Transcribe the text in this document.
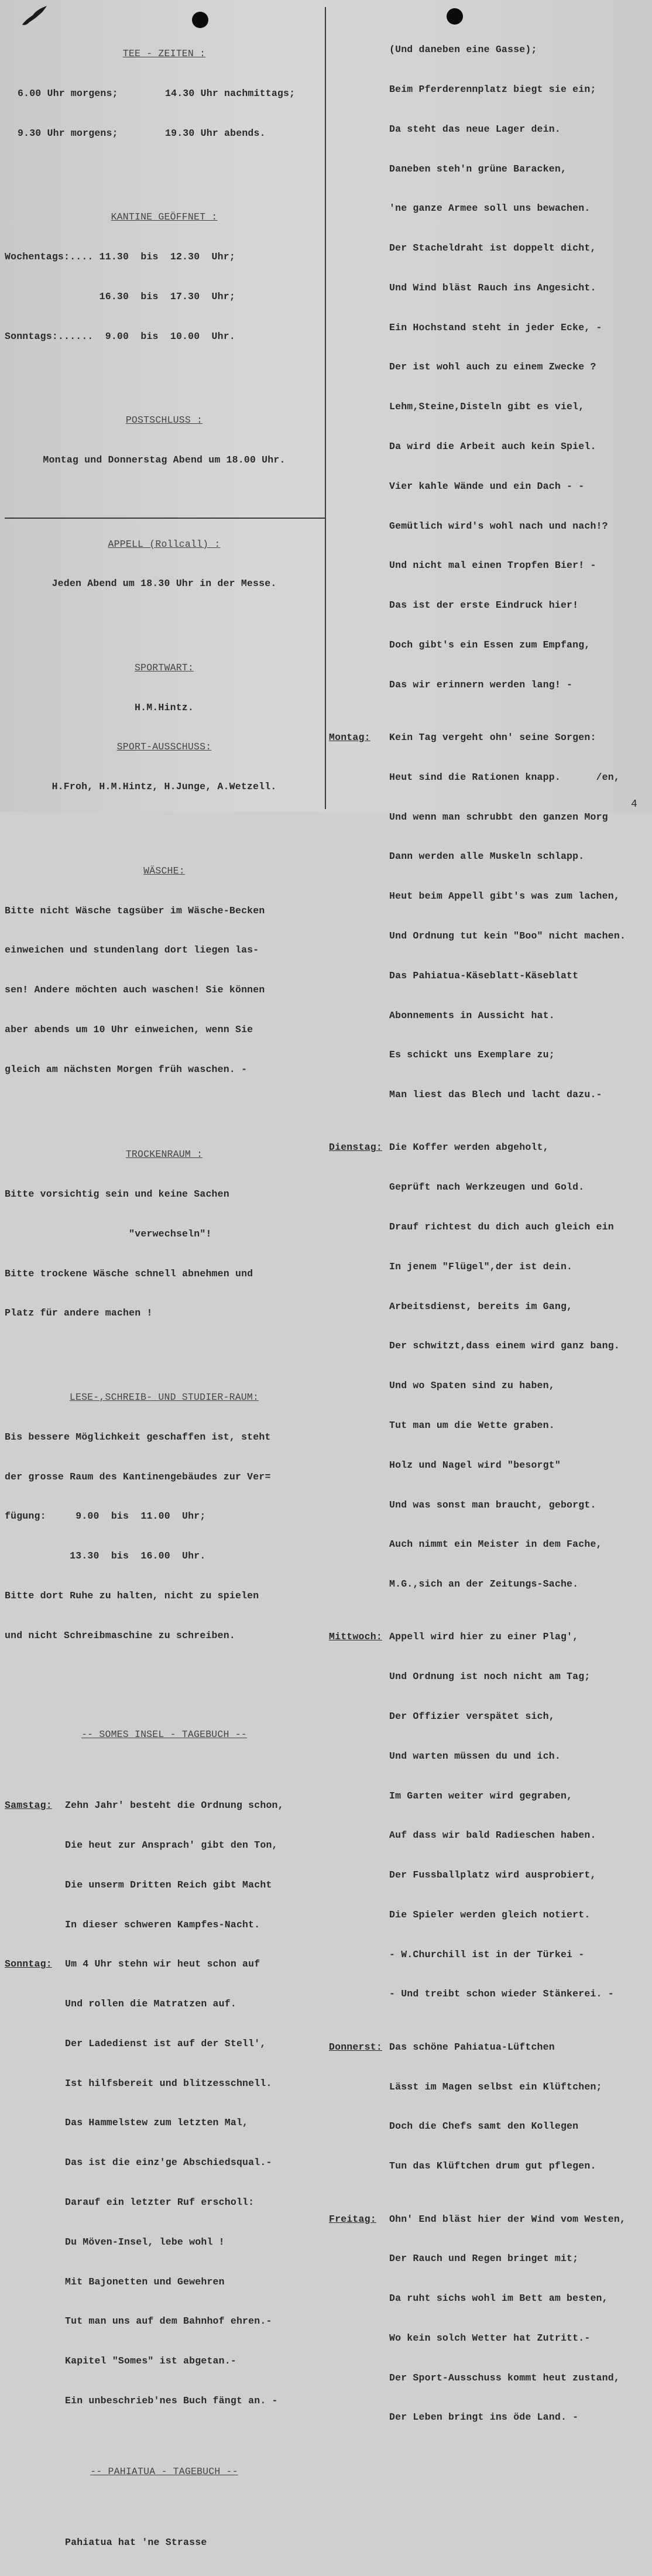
TEE - ZEITEN :

6.00 Uhr morgens;	14.30 Uhr nachmittags;

9.30 Uhr morgens;	19.30 Uhr abends.

KANTINE GEÖFFNET :

Wochentags:.... 11.30  bis  12.30  Uhr;

16.30  bis  17.30  Uhr;

Sonntags:......  9.00  bis  10.00  Uhr.

POSTSCHLUSS :

Montag und Donnerstag Abend um 18.00 Uhr.

APPELL (Rollcall) :

Jeden Abend um 18.30 Uhr in der Messe.

SPORTWART:

H.M.Hintz.

SPORT-AUSSCHUSS:

H.Froh, H.M.Hintz, H.Junge, A.Wetzell.

WÄSCHE:

Bitte nicht Wäsche tagsüber im Wäsche-Becken

einweichen und stundenlang dort liegen las-

sen! Andere möchten auch waschen! Sie können

aber abends um 10 Uhr einweichen, wenn Sie

gleich am nächsten Morgen früh waschen. -

TROCKENRAUM :

Bitte vorsichtig sein und keine Sachen

"verwechseln"!

Bitte trockene Wäsche schnell abnehmen und

Platz für andere machen !

LESE-,SCHREIB- UND STUDIER-RAUM:

Bis bessere Möglichkeit geschaffen ist, steht

der grosse Raum des Kantinengebäudes zur Ver=

fügung:     9.00  bis  11.00  Uhr;

13.30  bis  16.00  Uhr.

Bitte dort Ruhe zu halten, nicht zu spielen

und nicht Schreibmaschine zu schreiben.

-- SOMES INSEL - TAGEBUCH --

Samstag:	Zehn Jahr' besteht die Ordnung schon,

Die heut zur Ansprach' gibt den Ton,

Die unserm Dritten Reich gibt Macht

In dieser schweren Kampfes-Nacht.

Sonntag:	Um 4 Uhr stehn wir heut schon auf

Und rollen die Matratzen auf.

Der Ladedienst ist auf der Stell',

Ist hilfsbereit und blitzesschnell.

Das Hammelstew zum letzten Mal,

Das ist die einz'ge Abschiedsqual.-

Darauf ein letzter Ruf erscholl:

Du Möven-Insel, lebe wohl !

Mit Bajonetten und Gewehren

Tut man uns auf dem Bahnhof ehren.-

Kapitel "Somes" ist abgetan.-

Ein unbeschrieb'nes Buch fängt an. -

-- PAHIATUA - TAGEBUCH --

Pahiatua hat 'ne Strasse

(Und daneben eine Gasse);

Beim Pferderennplatz biegt sie ein;

Da steht das neue Lager dein.

Daneben steh'n grüne Baracken,

'ne ganze Armee soll uns bewachen.

Der Stacheldraht ist doppelt dicht,

Und Wind bläst Rauch ins Angesicht.

Ein Hochstand steht in jeder Ecke, -

Der ist wohl auch zu einem Zwecke ?

Lehm,Steine,Disteln gibt es viel,

Da wird die Arbeit auch kein Spiel.

Vier kahle Wände und ein Dach - -

Gemütlich wird's wohl nach und nach!?

Und nicht mal einen Tropfen Bier! -

Das ist der erste Eindruck hier!

Doch gibt's ein Essen zum Empfang,

Das wir erinnern werden lang! -

Montag:	Kein Tag vergeht ohn' seine Sorgen:

Heut sind die Rationen knapp.      /en,

Und wenn man schrubbt den ganzen Morg

Dann werden alle Muskeln schlapp.

Heut beim Appell gibt's was zum lachen,

Und Ordnung tut kein "Boo" nicht machen.

Das Pahiatua-Käseblatt-Käseblatt

Abonnements in Aussicht hat.

Es schickt uns Exemplare zu;

Man liest das Blech und lacht dazu.-

Dienstag: Die Koffer werden abgeholt,

Geprüft nach Werkzeugen und Gold.

Drauf richtest du dich auch gleich ein

In jenem "Flügel",der ist dein.

Arbeitsdienst, bereits im Gang,

Der schwitzt,dass einem wird ganz bang.

Und wo Spaten sind zu haben,

Tut man um die Wette graben.

Holz und Nagel wird "besorgt"

Und was sonst man braucht, geborgt.

Auch nimmt ein Meister in dem Fache,

M.G.,sich an der Zeitungs-Sache.

Mittwoch: Appell wird hier zu einer Plag',

Und Ordnung ist noch nicht am Tag;

Der Offizier verspätet sich,

Und warten müssen du und ich.

Im Garten weiter wird gegraben,

Auf dass wir bald Radieschen haben.

Der Fussballplatz wird ausprobiert,

Die Spieler werden gleich notiert.

- W.Churchill ist in der Türkei -

- Und treibt schon wieder Stänkerei. -

Donnerst: Das schöne Pahiatua-Lüftchen

Lässt im Magen selbst ein Klüftchen;

Doch die Chefs samt den Kollegen

Tun das Klüftchen drum gut pflegen.

Freitag:	Ohn' End bläst hier der Wind vom Westen,

Der Rauch und Regen bringet mit;

Da ruht sichs wohl im Bett am besten,

Wo kein solch Wetter hat Zutritt.-

Der Sport-Ausschuss kommt heut zustand,

Der Leben bringt ins öde Land. -

4
